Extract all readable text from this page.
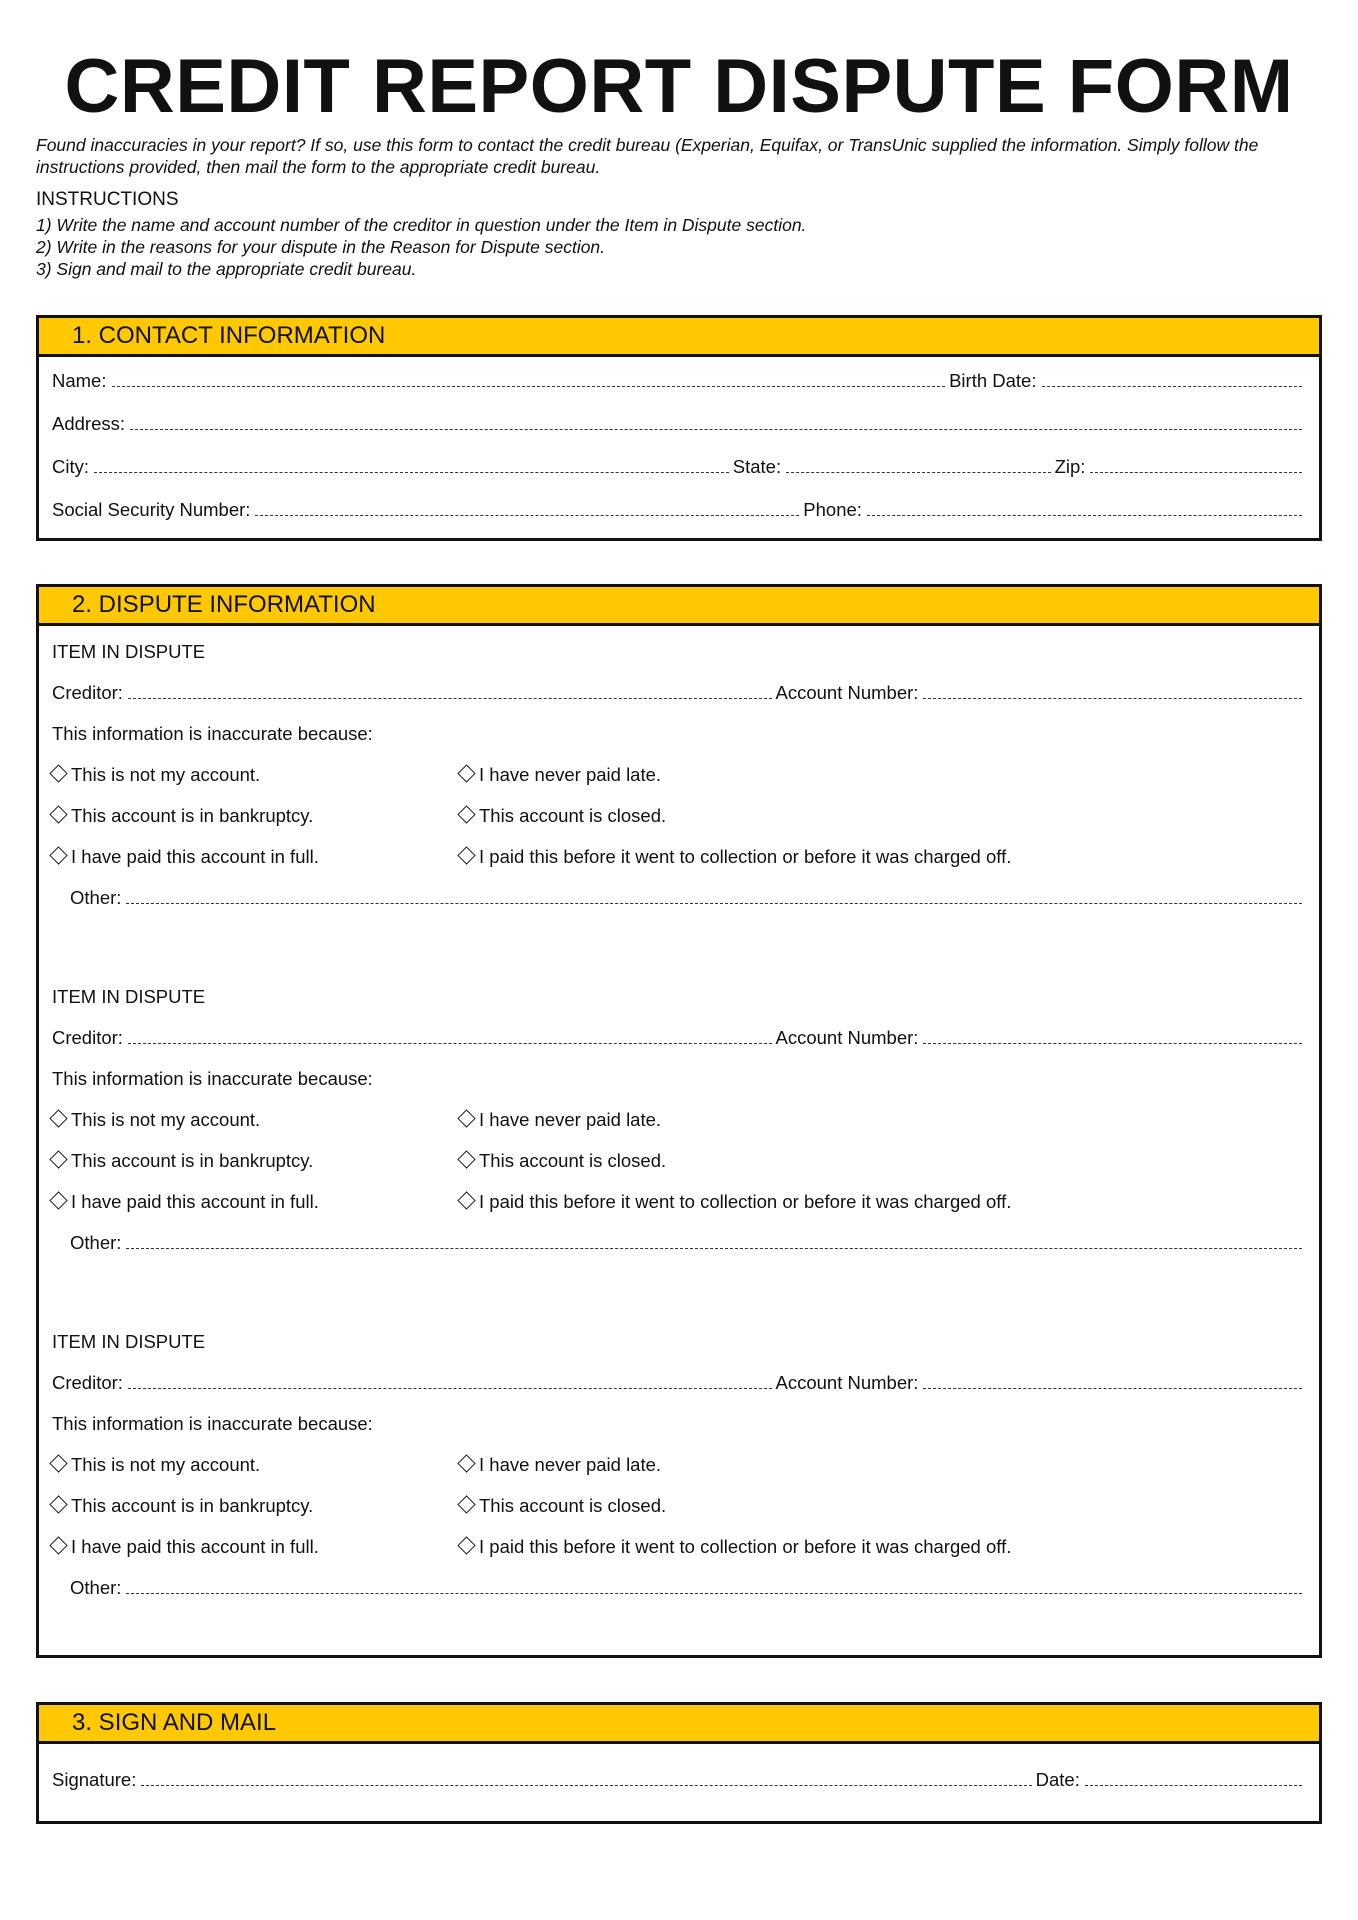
CREDIT REPORT DISPUTE FORM
Found inaccuracies in your report? If so, use this form to contact the credit bureau (Experian, Equifax, or TransUnic supplied the information. Simply follow the instructions provided, then mail the form to the appropriate credit bureau.
INSTRUCTIONS
1) Write the name and account number of the creditor in question under the Item in Dispute section.
2) Write in the reasons for your dispute in the Reason for Dispute section.
3) Sign and mail to the appropriate credit bureau.
1. CONTACT INFORMATION
Name:	Birth Date:
Address:
City:	State:	Zip:
Social Security Number:	Phone:
2. DISPUTE INFORMATION
ITEM IN DISPUTE
Creditor:	Account Number:
This information is inaccurate because:
This is not my account.	I have never paid late.
This account is in bankruptcy.	This account is closed.
I have paid this account in full.	I paid this before it went to collection or before it was charged off.
Other:
ITEM IN DISPUTE
Creditor:	Account Number:
This information is inaccurate because:
This is not my account.	I have never paid late.
This account is in bankruptcy.	This account is closed.
I have paid this account in full.	I paid this before it went to collection or before it was charged off.
Other:
ITEM IN DISPUTE
Creditor:	Account Number:
This information is inaccurate because:
This is not my account.	I have never paid late.
This account is in bankruptcy.	This account is closed.
I have paid this account in full.	I paid this before it went to collection or before it was charged off.
Other:
3. SIGN AND MAIL
Signature:	Date:
